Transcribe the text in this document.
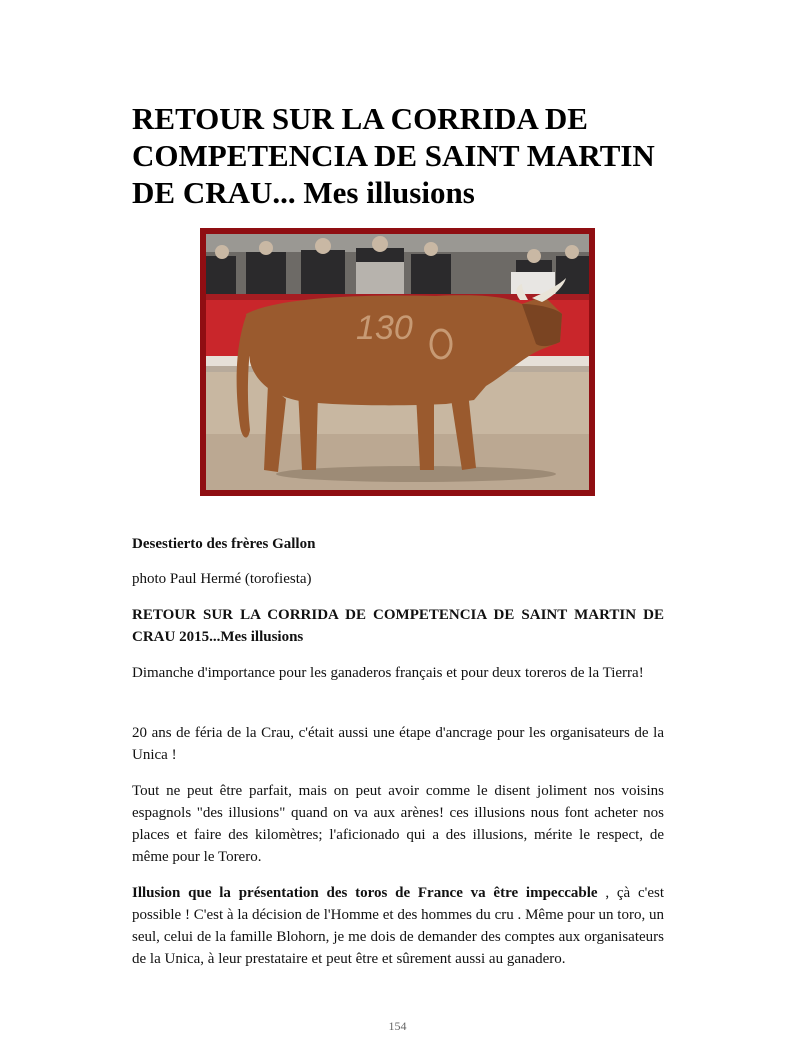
RETOUR SUR LA CORRIDA DE COMPETENCIA DE SAINT MARTIN DE CRAU... Mes illusions
130

Desestierto des frères Gallon

photo Paul Hermé (torofiesta)

RETOUR SUR LA CORRIDA DE COMPETENCIA DE SAINT MARTIN DE CRAU 2015...Mes illusions

Dimanche d'importance pour les ganaderos français et pour deux toreros de la Tierra!

20 ans de féria de la Crau, c'était aussi une étape d'ancrage pour les organisateurs de la Unica !

Tout ne peut être parfait, mais on peut avoir comme le disent joliment nos voisins espagnols "des illusions" quand on va aux arènes! ces illusions nous font acheter nos places et faire des kilomètres; l'aficionado qui a des illusions, mérite le respect, de même pour le Torero.

Illusion que la présentation des toros de France va être impeccable , çà c'est possible ! C'est à la décision de l'Homme et des hommes du cru . Même pour un toro, un seul, celui de la famille Blohorn, je me dois de demander des comptes aux organisateurs de la Unica, à leur prestataire et peut être et sûrement aussi au ganadero.

154
